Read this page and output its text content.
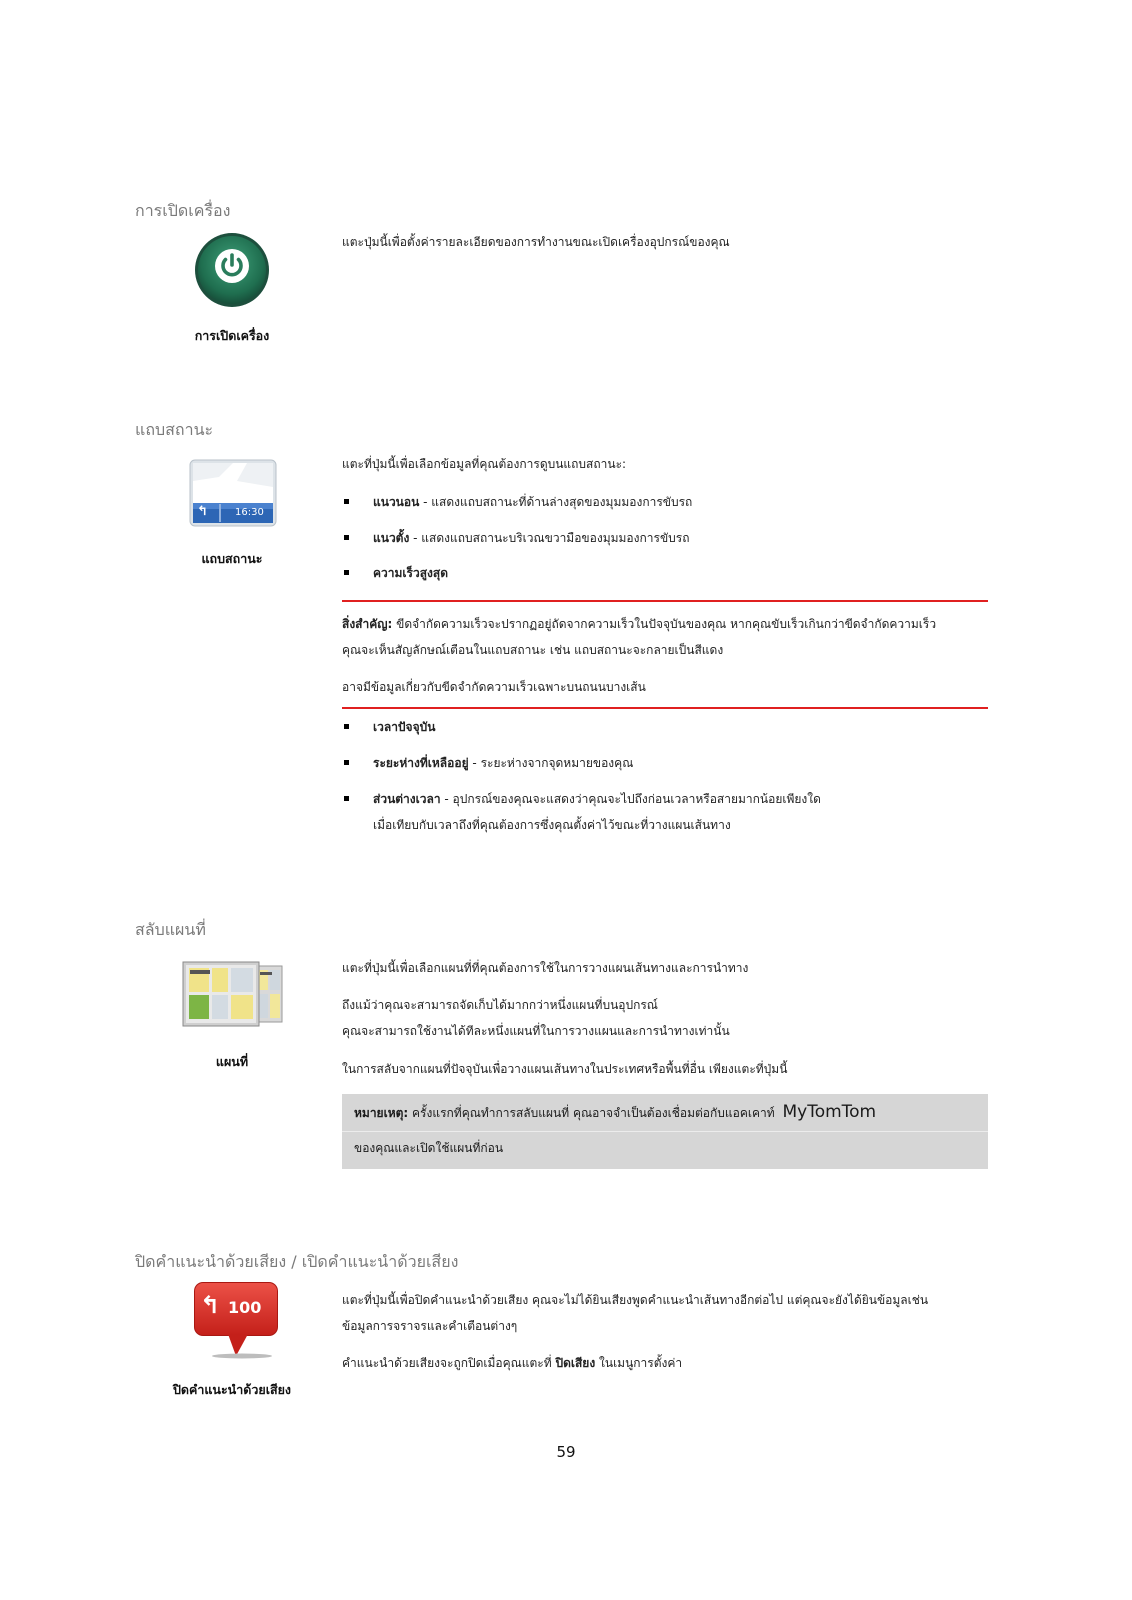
การเปิดเครื่อง
การเปิดเครื่อง
แตะปุ่มนี้เพื่อตั้งค่ารายละเอียดของการทำงานขณะเปิดเครื่องอุปกรณ์ของคุณ
แถบสถานะ
↰	16:30
แถบสถานะ
แตะที่ปุ่มนี้เพื่อเลือกข้อมูลที่คุณต้องการดูบนแถบสถานะ:
แนวนอน - แสดงแถบสถานะที่ด้านล่างสุดของมุมมองการขับรถ
แนวตั้ง - แสดงแถบสถานะบริเวณขวามือของมุมมองการขับรถ
ความเร็วสูงสุด
สิ่งสำคัญ: ขีดจำกัดความเร็วจะปรากฏอยู่ถัดจากความเร็วในปัจจุบันของคุณ หากคุณขับเร็วเกินกว่าขีดจำกัดความเร็ว
คุณจะเห็นสัญลักษณ์เตือนในแถบสถานะ เช่น แถบสถานะจะกลายเป็นสีแดง
อาจมีข้อมูลเกี่ยวกับขีดจำกัดความเร็วเฉพาะบนถนนบางเส้น
เวลาปัจจุบัน
ระยะห่างที่เหลืออยู่ - ระยะห่างจากจุดหมายของคุณ
ส่วนต่างเวลา - อุปกรณ์ของคุณจะแสดงว่าคุณจะไปถึงก่อนเวลาหรือสายมากน้อยเพียงใด
เมื่อเทียบกับเวลาถึงที่คุณต้องการซึ่งคุณตั้งค่าไว้ขณะที่วางแผนเส้นทาง
สลับแผนที่
แผนที่
แตะที่ปุ่มนี้เพื่อเลือกแผนที่ที่คุณต้องการใช้ในการวางแผนเส้นทางและการนำทาง
ถึงแม้ว่าคุณจะสามารถจัดเก็บได้มากกว่าหนึ่งแผนที่บนอุปกรณ์
คุณจะสามารถใช้งานได้ทีละหนึ่งแผนที่ในการวางแผนและการนำทางเท่านั้น
ในการสลับจากแผนที่ปัจจุบันเพื่อวางแผนเส้นทางในประเทศหรือพื้นที่อื่น เพียงแตะที่ปุ่มนี้
หมายเหตุ: ครั้งแรกที่คุณทำการสลับแผนที่ คุณอาจจำเป็นต้องเชื่อมต่อกับแอคเคาท์ MyTomTom
ของคุณและเปิดใช้แผนที่ก่อน
ปิดคำแนะนำด้วยเสียง / เปิดคำแนะนำด้วยเสียง
↰ 100
ปิดคำแนะนำด้วยเสียง
แตะที่ปุ่มนี้เพื่อปิดคำแนะนำด้วยเสียง คุณจะไม่ได้ยินเสียงพูดคำแนะนำเส้นทางอีกต่อไป แต่คุณจะยังได้ยินข้อมูลเช่น
ข้อมูลการจราจรและคำเตือนต่างๆ
คำแนะนำด้วยเสียงจะถูกปิดเมื่อคุณแตะที่ ปิดเสียง ในเมนูการตั้งค่า
59
